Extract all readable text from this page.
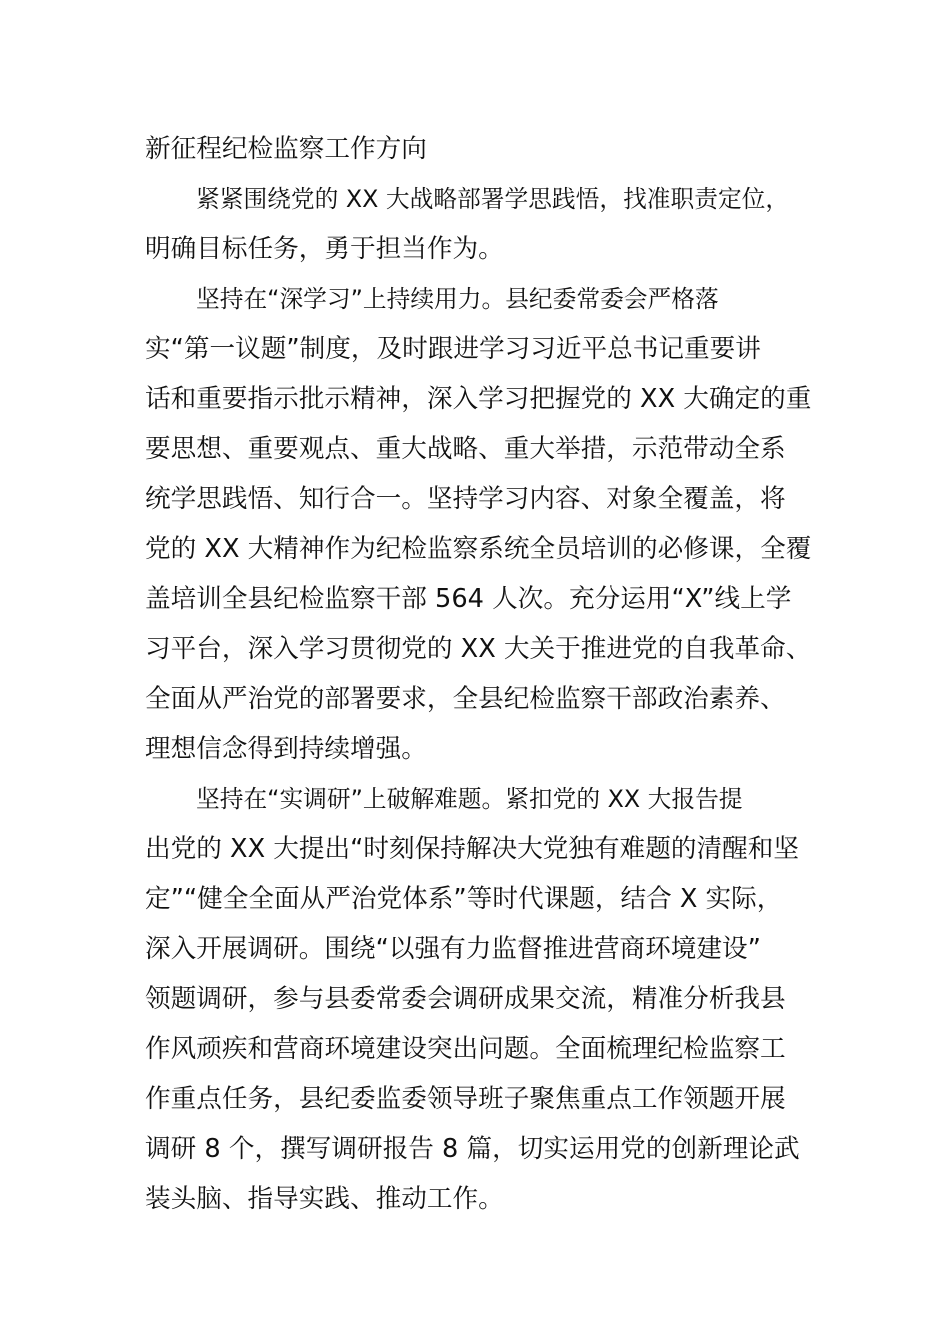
新征程纪检监察工作方向
紧紧围绕党的 XX 大战略部署学思践悟，找准职责定位，
明确目标任务，勇于担当作为。
坚持在“深学习”上持续用力。县纪委常委会严格落
实“第一议题”制度，及时跟进学习习近平总书记重要讲
话和重要指示批示精神，深入学习把握党的 XX 大确定的重
要思想、重要观点、重大战略、重大举措，示范带动全系
统学思践悟、知行合一。坚持学习内容、对象全覆盖，将
党的 XX 大精神作为纪检监察系统全员培训的必修课，全覆
盖培训全县纪检监察干部 564 人次。充分运用“X”线上学
习平台，深入学习贯彻党的 XX 大关于推进党的自我革命、
全面从严治党的部署要求，全县纪检监察干部政治素养、
理想信念得到持续增强。
坚持在“实调研”上破解难题。紧扣党的 XX 大报告提
出党的 XX 大提出“时刻保持解决大党独有难题的清醒和坚
定”“健全全面从严治党体系”等时代课题，结合 X 实际，
深入开展调研。围绕“以强有力监督推进营商环境建设”
领题调研，参与县委常委会调研成果交流，精准分析我县
作风顽疾和营商环境建设突出问题。全面梳理纪检监察工
作重点任务，县纪委监委领导班子聚焦重点工作领题开展
调研 8 个，撰写调研报告 8 篇，切实运用党的创新理论武
装头脑、指导实践、推动工作。
